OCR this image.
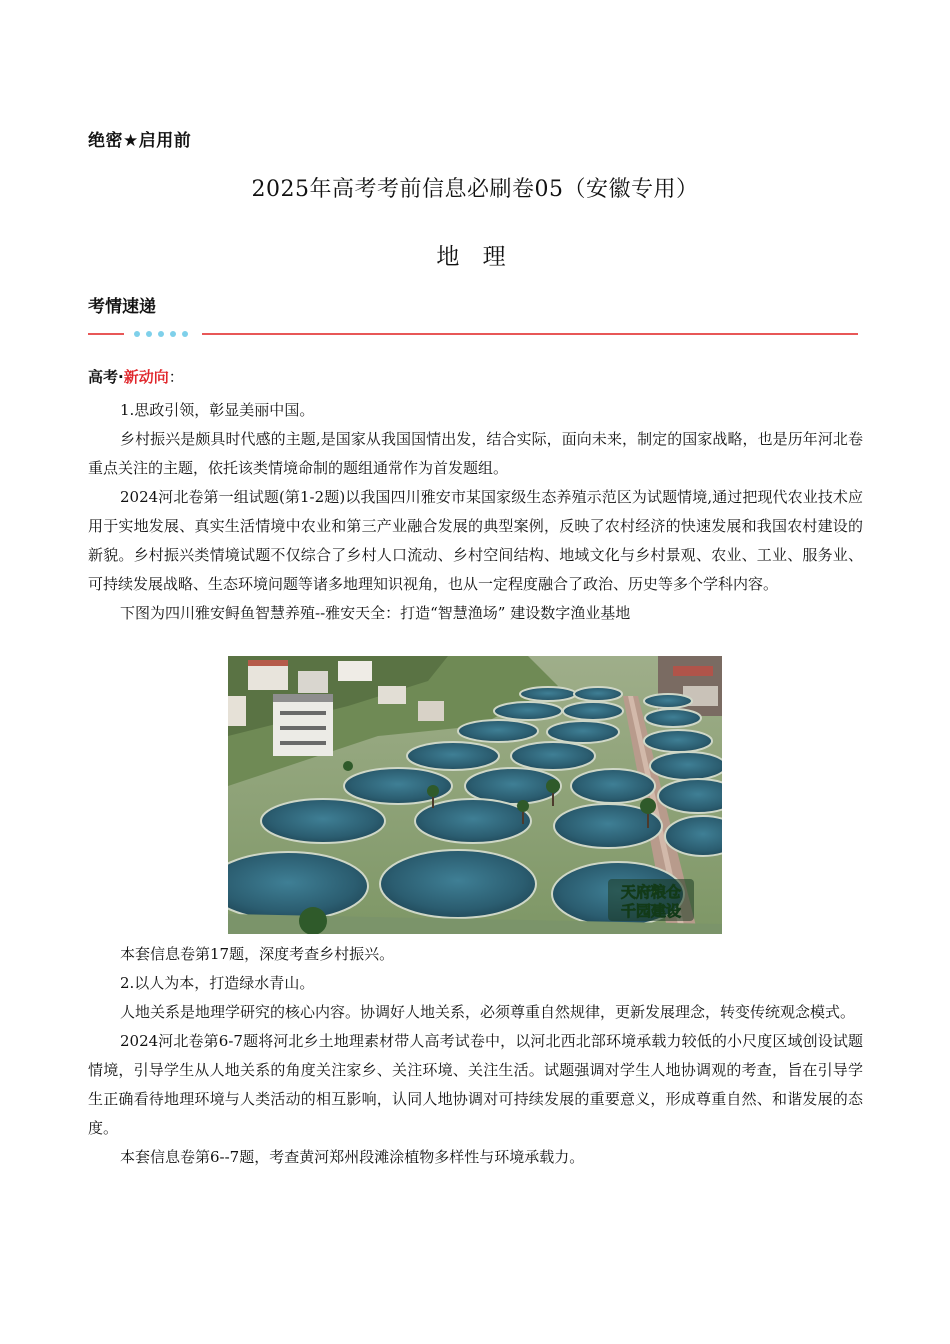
绝密★启用前
2025年高考考前信息必刷卷05（安徽专用）
地 理
考情速递
高考·新动向：

1.思政引领，彰显美丽中国。

乡村振兴是颇具时代感的主题,是国家从我国国情出发，结合实际，面向未来，制定的国家战略，也是历年河北卷重点关注的主题，依托该类情境命制的题组通常作为首发题组。

2024河北卷第一组试题(第1-2题)以我国四川雅安市某国家级生态养殖示范区为试题情境,通过把现代农业技术应用于实地发展、真实生活情境中农业和第三产业融合发展的典型案例，反映了农村经济的快速发展和我国农村建设的新貌。乡村振兴类情境试题不仅综合了乡村人口流动、乡村空间结构、地域文化与乡村景观、农业、工业、服务业、可持续发展战略、生态环境问题等诸多地理知识视角，也从一定程度融合了政治、历史等多个学科内容。

下图为四川雅安鲟鱼智慧养殖--雅安天全：打造“智慧渔场” 建设数字渔业基地

天府粮仓
千园建设

本套信息卷第17题，深度考查乡村振兴。

2.以人为本，打造绿水青山。

人地关系是地理学研究的核心内容。协调好人地关系，必须尊重自然规律，更新发展理念，转变传统观念模式。

2024河北卷第6-7题将河北乡土地理素材带人高考试卷中，以河北西北部环境承载力较低的小尺度区域创设试题情境，引导学生从人地关系的角度关注家乡、关注环境、关注生活。试题强调对学生人地协调观的考查，旨在引导学生正确看待地理环境与人类活动的相互影响，认同人地协调对可持续发展的重要意义，形成尊重自然、和谐发展的态度。

本套信息卷第6--7题，考查黄河郑州段滩涂植物多样性与环境承载力。
